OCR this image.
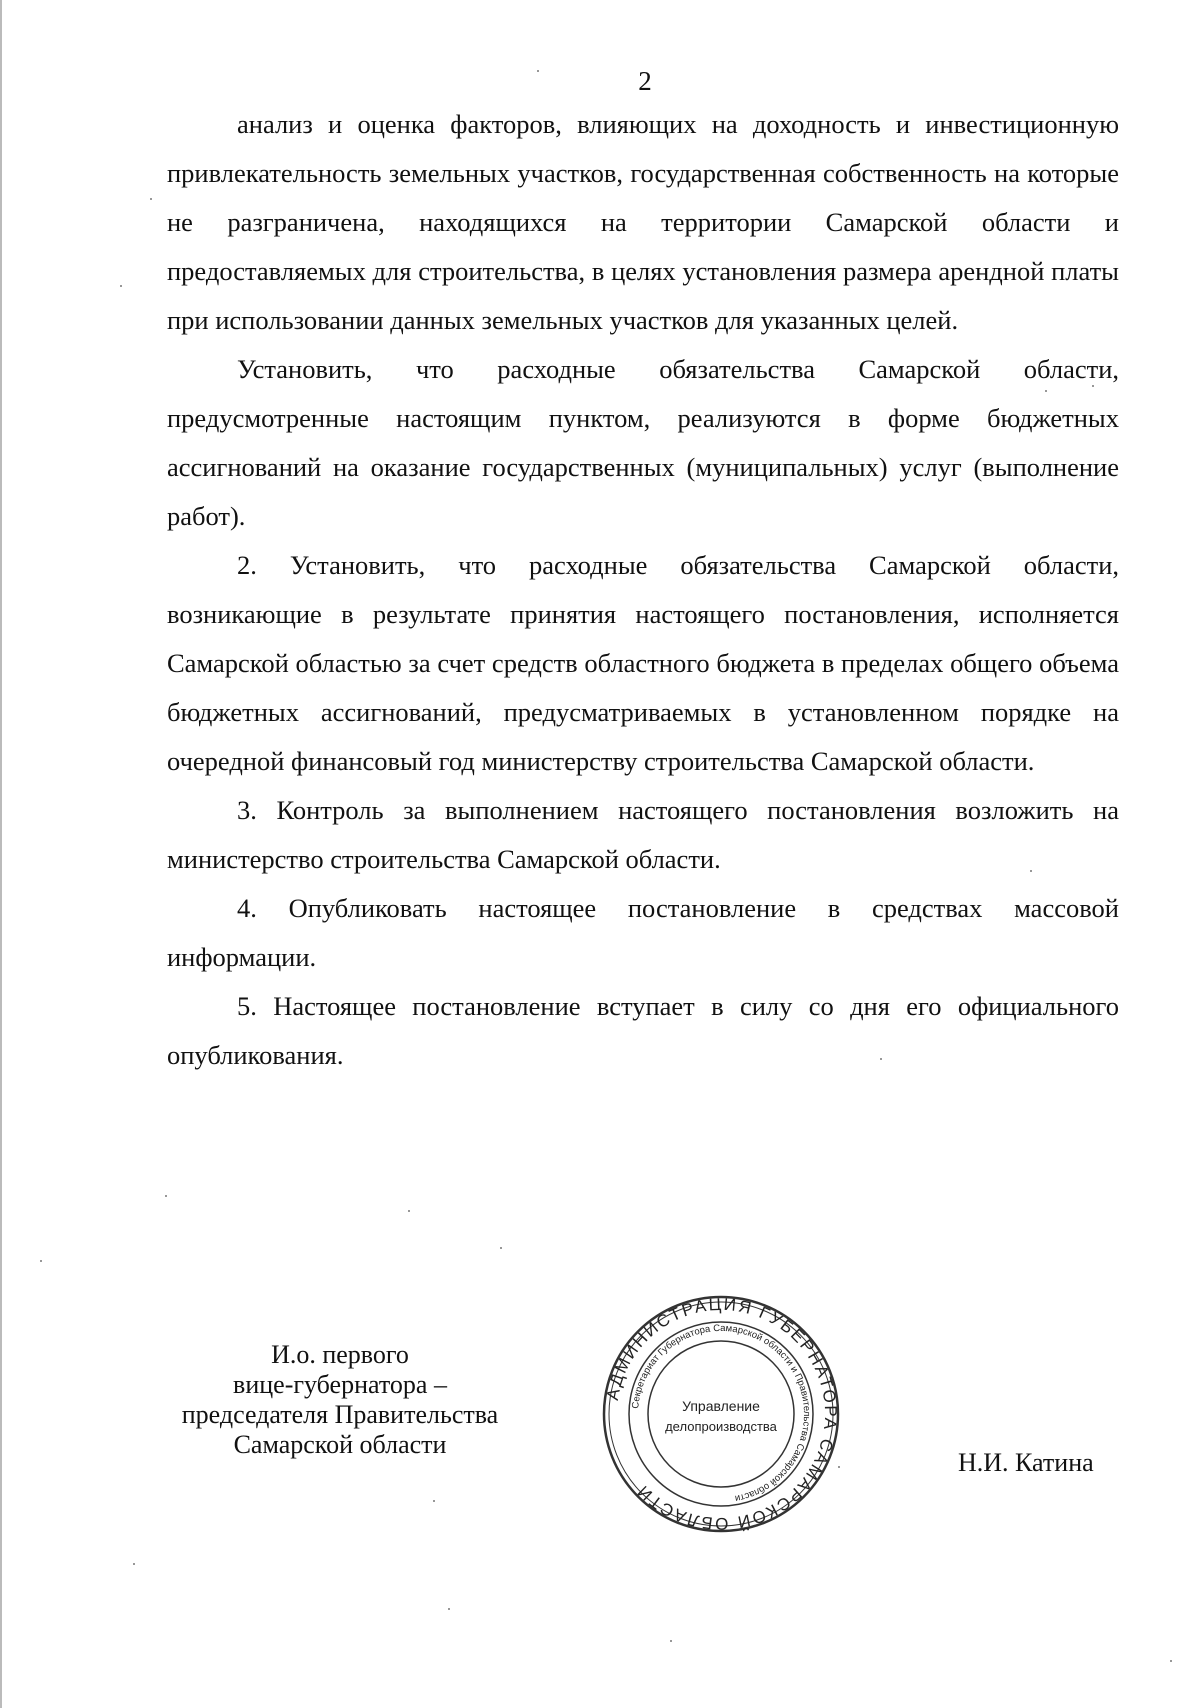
2

анализ и оценка факторов, влияющих на доходность и инвестиционную привлекательность земельных участков, государственная собственность на которые не разграничена, находящихся на территории Самарской области и предоставляемых для строительства, в целях установления размера арендной платы при использовании данных земельных участков для указанных целей.

Установить, что расходные обязательства Самарской области, предусмотренные настоящим пунктом, реализуются в форме бюджетных ассигнований на оказание государственных (муниципальных) услуг (выполнение работ).

2. Установить, что расходные обязательства Самарской области, возникающие в результате принятия настоящего постановления, исполняется Самарской областью за счет средств областного бюджета в пределах общего объема бюджетных ассигнований, предусматриваемых в установленном порядке на очередной финансовый год министерству строительства Самарской области.

3. Контроль за выполнением настоящего постановления возложить на министерство строительства Самарской области.

4. Опубликовать настоящее постановление в средствах массовой информации.

5. Настоящее постановление вступает в силу со дня его официального опубликования.

И.о. первого
вице-губернатора –
председателя Правительства
Самарской области
АДМИНИСТРАЦИЯ ГУБЕРНАТОРА САМАРСКОЙ ОБЛАСТИ
Секретариат Губернатора Самарской области и Правительства Самарской области
Управление
делопроизводства
Н.И. Катина
